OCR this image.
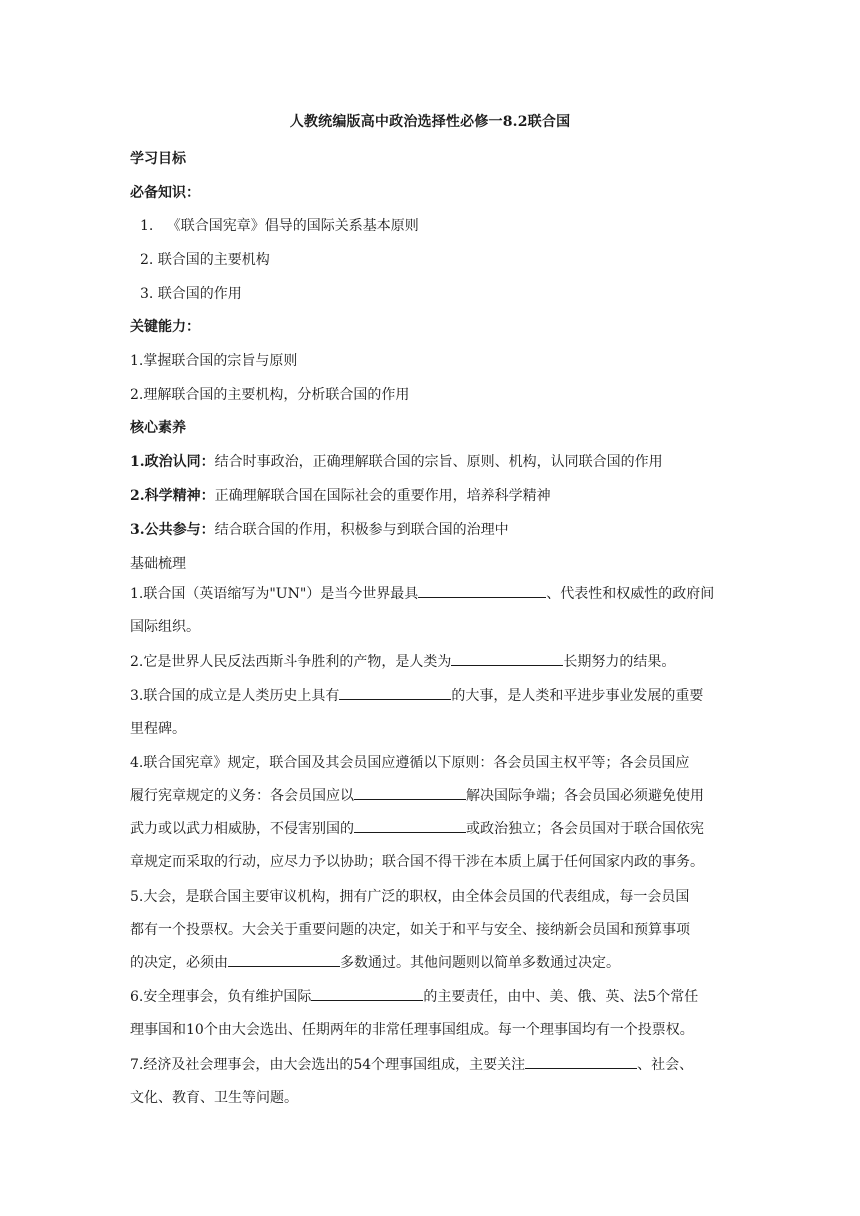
人教统编版高中政治选择性必修一8.2联合国
学习目标
必备知识：
1. 《联合国宪章》倡导的国际关系基本原则
2. 联合国的主要机构
3. 联合国的作用
关键能力：
1.掌握联合国的宗旨与原则
2.理解联合国的主要机构，分析联合国的作用
核心素养
1.政治认同：结合时事政治，正确理解联合国的宗旨、原则、机构，认同联合国的作用
2.科学精神：正确理解联合国在国际社会的重要作用，培养科学精神
3.公共参与：结合联合国的作用，积极参与到联合国的治理中
基础梳理
1.联合国（英语缩写为"UN"）是当今世界最具	、代表性和权威性的政府间
国际组织。
2.它是世界人民反法西斯斗争胜利的产物，是人类为	长期努力的结果。
3.联合国的成立是人类历史上具有	的大事，是人类和平进步事业发展的重要
里程碑。
4.联合国宪章》规定，联合国及其会员国应遵循以下原则：各会员国主权平等；各会员国应
履行宪章规定的义务：各会员国应以	解决国际争端；各会员国必须避免使用
武力或以武力相威胁，不侵害别国的	或政治独立；各会员国对于联合国依宪
章规定而采取的行动，应尽力予以协助；联合国不得干涉在本质上属于任何国家内政的事务。
5.大会，是联合国主要审议机构，拥有广泛的职权，由全体会员国的代表组成，每一会员国
都有一个投票权。大会关于重要问题的决定，如关于和平与安全、接纳新会员国和预算事项
的决定，必须由	多数通过。其他问题则以简单多数通过决定。
6.安全理事会，负有维护国际	的主要责任，由中、美、俄、英、法5个常任
理事国和10个由大会选出、任期两年的非常任理事国组成。每一个理事国均有一个投票权。
7.经济及社会理事会，由大会选出的54个理事国组成，主要关注	、社会、
文化、教育、卫生等问题。
